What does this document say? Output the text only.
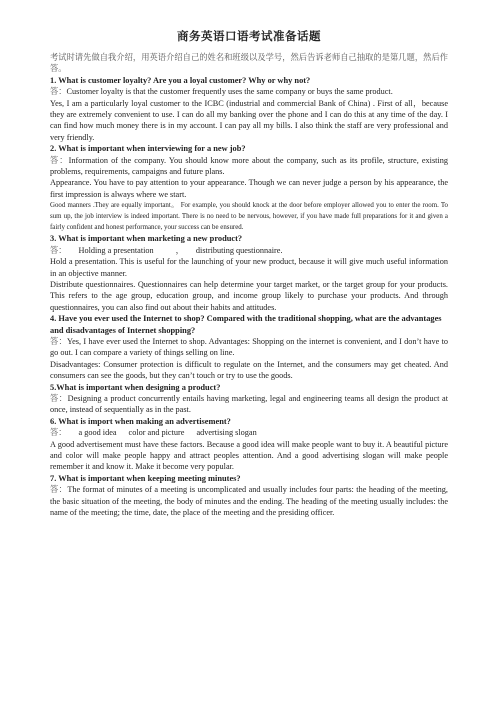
商务英语口语考试准备话题

考试时请先做自我介绍，用英语介绍自己的姓名和班级以及学号，然后告诉老师自己抽取的是第几题，然后作答。

1. What is customer loyalty? Are you a loyal customer? Why or why not?

答：Customer loyalty is that the customer frequently uses the same company or buys the same product.

Yes, I am a particularly loyal customer to the ICBC (industrial and commercial Bank of China) . First of all，because they are extremely convenient to use. I can do all my banking over the phone and I can do this at any time of the day. I can find how much money there is in my account. I can pay all my bills. I also think the staff are very professional and very friendly.

2. What is important when interviewing for a new job?

答：Information of the company. You should know more about the company, such as its profile, structure, existing problems, requirements, campaigns and future plans.

Appearance. You have to pay attention to your appearance. Though we can never judge a person by his appearance, the first impression is always where we start.

Good manners .They are equally important。 For example, you should knock at the door before employer allowed you to enter the room. To sum up, the job interview is indeed important. There is no need to be nervous, however, if you have made full preparations for it and given a fairly confident and honest performance, your success can be ensured.

3. What is important when marketing a new product?

答： Holding a presentation	， distributing questionnaire.

Hold a presentation. This is useful for the launching of your new product, because it will give much useful information in an objective manner.

Distribute questionnaires. Questionnaires can help determine your target market, or the target group for your products. This refers to the age group, education group, and income group likely to purchase your products. And through questionnaires, you can also find out about their habits and attitudes.

4. Have you ever used the Internet to shop? Compared with the traditional shopping, what are the advantages and disadvantages of Internet shopping?

答：Yes, I have ever used the Internet to shop. Advantages: Shopping on the internet is convenient, and I don’t have to go out. I can compare a variety of things selling on line.

Disadvantages: Consumer protection is difficult to regulate on the Internet, and the consumers may get cheated. And consumers can see the goods, but they can’t touch or try to use the goods.

5.What is important when designing a product?

答：Designing a product concurrently entails having marketing, legal and engineering teams all design the product at once, instead of sequentially as in the past.

6. What is import when making an advertisement?

答： a good idea color and picture advertising slogan

A good advertisement must have these factors. Because a good idea will make people want to buy it. A beautiful picture and color will make people happy and attract peoples attention. And a good advertising slogan will make people remember it and know it. Make it become very popular.

7. What is important when keeping meeting minutes?

答：The format of minutes of a meeting is uncomplicated and usually includes four parts: the heading of the meeting, the basic situation of the meeting, the body of minutes and the ending. The heading of the meeting usually includes: the name of the meeting; the time, date, the place of the meeting and the presiding officer.
